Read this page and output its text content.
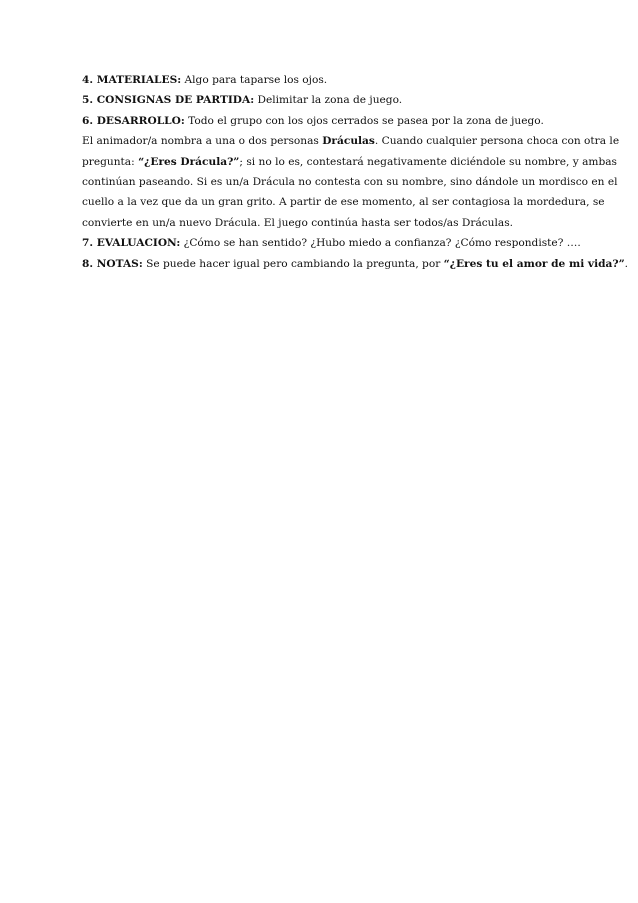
4. MATERIALES: Algo para taparse los ojos.

5. CONSIGNAS DE PARTIDA: Delimitar la zona de juego.

6. DESARROLLO: Todo el grupo con los ojos cerrados se pasea por la zona de juego.

El animador/a nombra a una o dos personas Dráculas. Cuando cualquier persona choca con otra le
pregunta: “¿Eres Drácula?”; si no lo es, contestará negativamente diciéndole su nombre, y ambas
continúan paseando. Si es un/a Drácula no contesta con su nombre, sino dándole un mordisco en el
cuello a la vez que da un gran grito. A partir de ese momento, al ser contagiosa la mordedura, se
convierte en un/a nuevo Drácula. El juego continúa hasta ser todos/as Dráculas.

7. EVALUACION: ¿Cómo se han sentido? ¿Hubo miedo a confianza? ¿Cómo respondiste? ….

8. NOTAS: Se puede hacer igual pero cambiando la pregunta, por “¿Eres tu el amor de mi vida?”.
